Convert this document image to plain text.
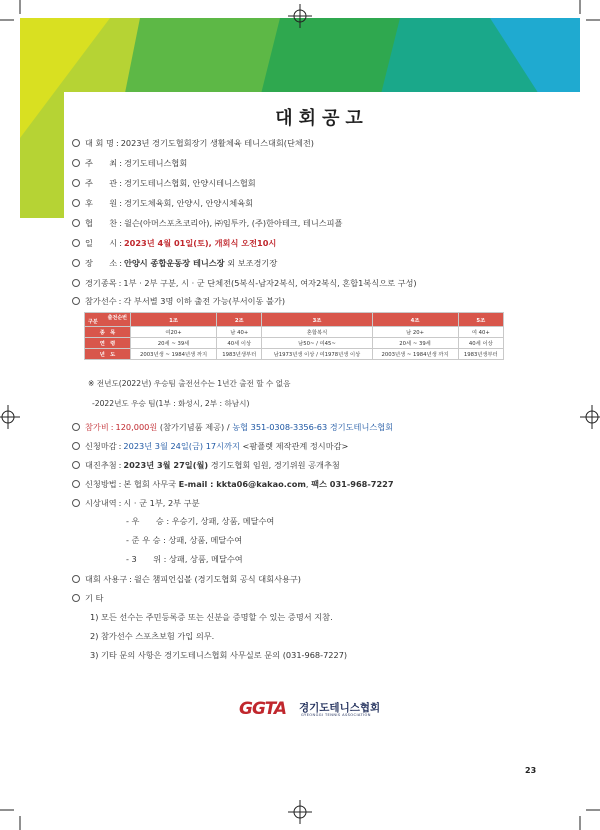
대회공고
대 회 명 : 2023년 경기도협회장기 생활체육 테니스대회(단체전)
주　　최 : 경기도테니스협회
주　　관 : 경기도테니스협회, 안양시테니스협회
후　　원 : 경기도체육회, 안양시, 안양시체육회
협　　찬 : 윌슨(아머스포츠코리아), ㈜임투카, (주)한아테크, 테니스피플
일　　시 : 2023년 4월 01일(토), 개회식 오전10시
장　　소 : 안양시 종합운동장 테니스장 외 보조경기장
경기종목 : 1부 · 2부 구분, 시 · 군 단체전(5복식-남자2복식, 여자2복식, 혼합1복식으로 구성)
참가선수 : 각 부서별 3명 이하 출전 가능(부서이동 불가)
출전순번
구분	1조	2조	3조	4조	5조
종　목	여20+	남 40+	혼합복식	남 20+	여 40+
연　령	20세 ~ 39세	40세 이상	남50~ / 여45~	20세 ~ 39세	40세 이상
년　도	2003년생 ~ 1984년생 까지	1983년생부터	남1973년생 이상 / 여1978년생 이상	2003년생 ~ 1984년생 까지	1983년생부터
※ 전년도(2022년) 우승팀 출전선수는 1년간 출전 할 수 없음
-2022년도 우승 팀(1부 : 화성시, 2부 : 하남시)
참가비 : 120,000원 (참가기념품 제공) / 농협 351-0308-3356-63 경기도테니스협회
신청마감 : 2023년 3월 24일(금) 17시까지 <팜플렛 제작관계 정시마감>
대진추첨 : 2023년 3월 27일(월) 경기도협회 임원, 경기위원 공개추첨
신청방법 : 본 협회 사무국 E-mail : kkta06@kakao.com, 팩스 031-968-7227
시상내역 : 시 · 군 1부, 2부 구분
- 우　　승 : 우승기, 상패, 상품, 메달수여
- 준 우 승 : 상패, 상품, 메달수여
- 3　　위 : 상패, 상품, 메달수여
대회 사용구 : 윌슨 챔피언십볼 (경기도협회 공식 대회사용구)
기 타
1) 모든 선수는 주민등록증 또는 신분을 증명할 수 있는 증명서 지참.
2) 참가선수 스포츠보험 가입 의무.
3) 기타 문의 사항은 경기도테니스협회 사무실로 문의 (031-968-7227)
GGTA 경기도테니스협회
GYEONGGI TENNIS ASSOCIATION
23
